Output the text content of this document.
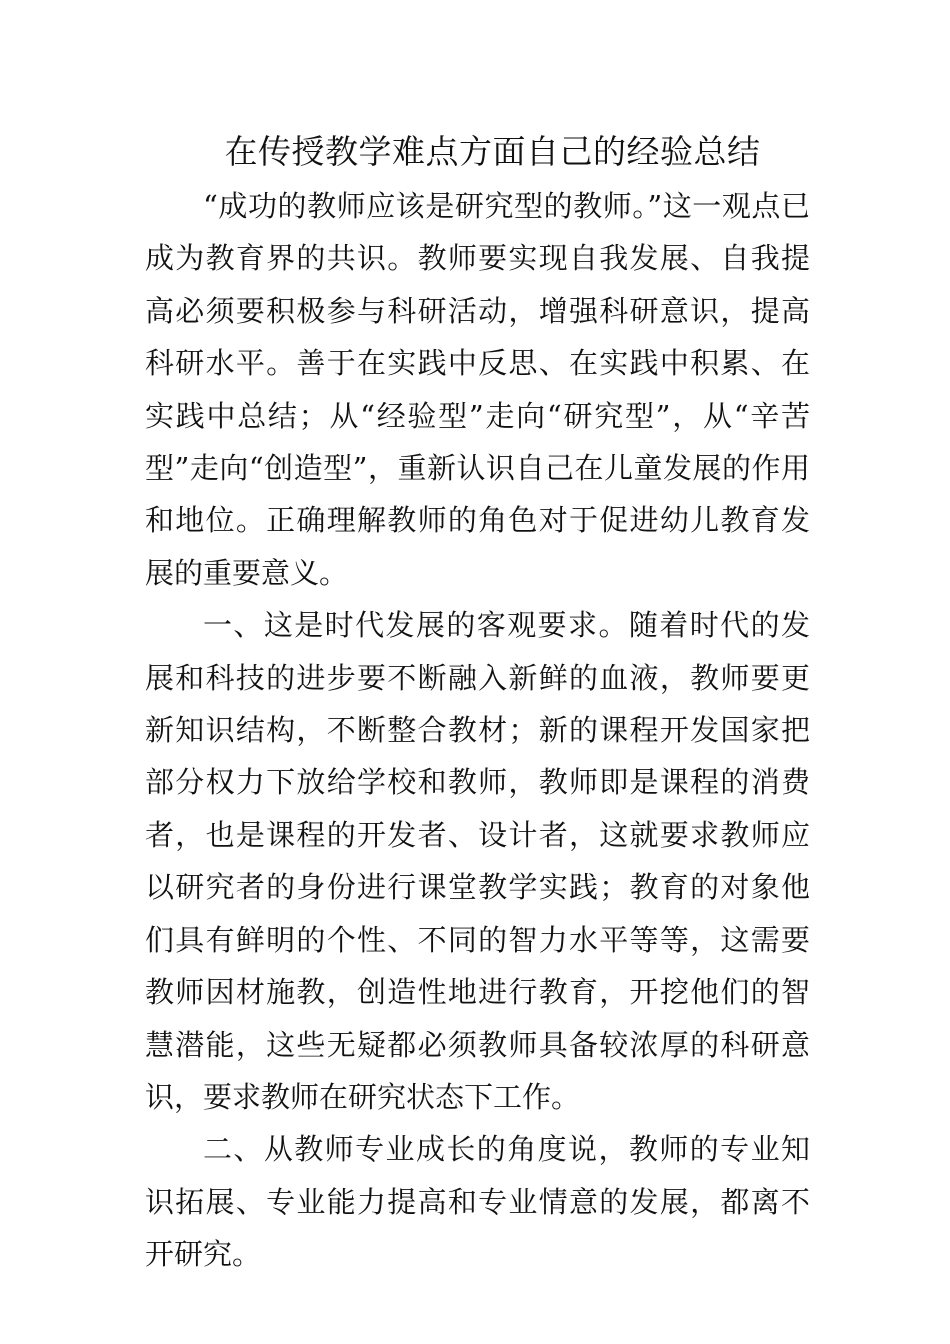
在传授教学难点方面自己的经验总结

“成功的教师应该是研究型的教师。”这一观点已成为教育界的共识。教师要实现自我发展、自我提高必须要积极参与科研活动，增强科研意识，提高科研水平。善于在实践中反思、在实践中积累、在实践中总结；从“经验型”走向“研究型”，从“辛苦型”走向“创造型”，重新认识自己在儿童发展的作用和地位。正确理解教师的角色对于促进幼儿教育发展的重要意义。

一、这是时代发展的客观要求。随着时代的发展和科技的进步要不断融入新鲜的血液，教师要更新知识结构，不断整合教材；新的课程开发国家把部分权力下放给学校和教师，教师即是课程的消费者，也是课程的开发者、设计者，这就要求教师应以研究者的身份进行课堂教学实践；教育的对象他们具有鲜明的个性、不同的智力水平等等，这需要教师因材施教，创造性地进行教育，开挖他们的智慧潜能，这些无疑都必须教师具备较浓厚的科研意识，要求教师在研究状态下工作。

二、从教师专业成长的角度说，教师的专业知识拓展、专业能力提高和专业情意的发展，都离不开研究。
